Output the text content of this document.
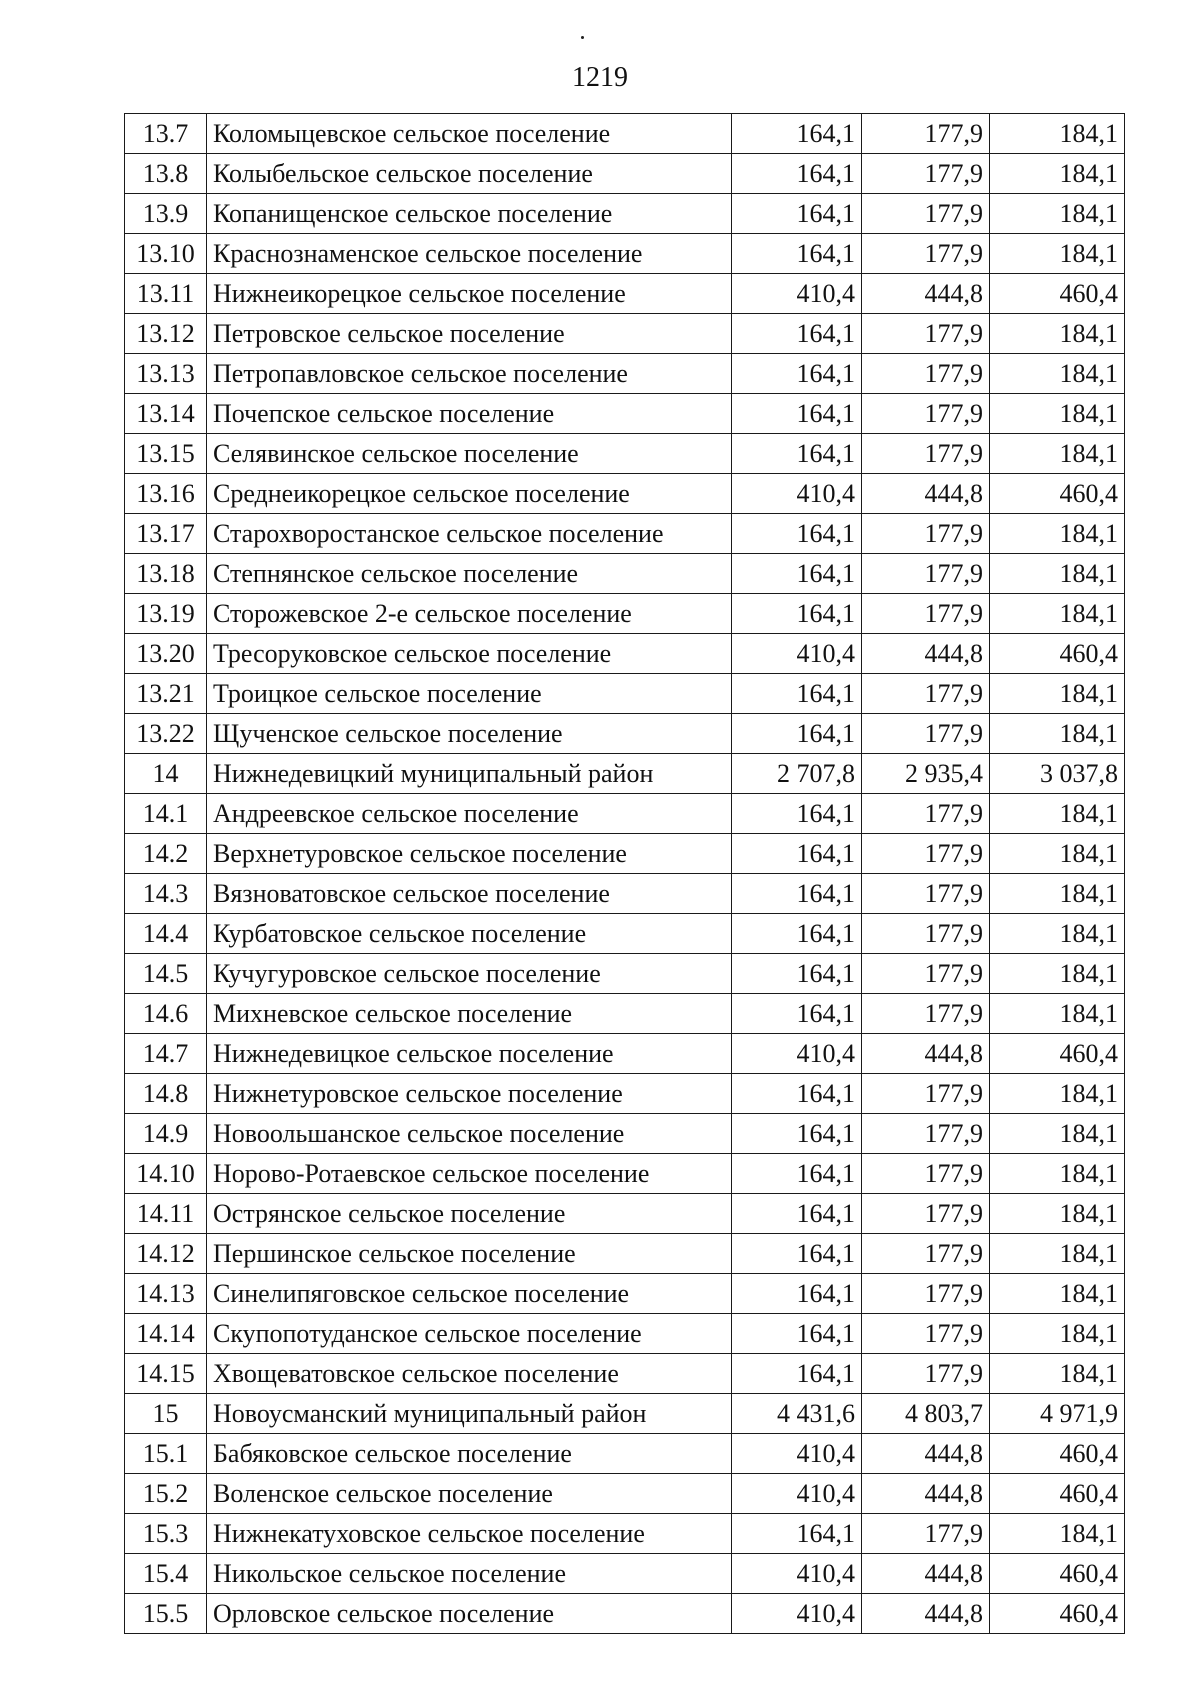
1219
13.7	Коломыцевское сельское поселение	164,1	177,9	184,1
13.8	Колыбельское сельское поселение	164,1	177,9	184,1
13.9	Копанищенское сельское поселение	164,1	177,9	184,1
13.10	Краснознаменское сельское поселение	164,1	177,9	184,1
13.11	Нижнеикорецкое сельское поселение	410,4	444,8	460,4
13.12	Петровское сельское поселение	164,1	177,9	184,1
13.13	Петропавловское сельское поселение	164,1	177,9	184,1
13.14	Почепское сельское поселение	164,1	177,9	184,1
13.15	Селявинское сельское поселение	164,1	177,9	184,1
13.16	Среднеикорецкое сельское поселение	410,4	444,8	460,4
13.17	Старохворостанское сельское поселение	164,1	177,9	184,1
13.18	Степнянское сельское поселение	164,1	177,9	184,1
13.19	Сторожевское 2-е сельское поселение	164,1	177,9	184,1
13.20	Тресоруковское сельское поселение	410,4	444,8	460,4
13.21	Троицкое сельское поселение	164,1	177,9	184,1
13.22	Щученское сельское поселение	164,1	177,9	184,1
14	Нижнедевицкий муниципальный район	2 707,8	2 935,4	3 037,8
14.1	Андреевское сельское поселение	164,1	177,9	184,1
14.2	Верхнетуровское сельское поселение	164,1	177,9	184,1
14.3	Вязноватовское сельское поселение	164,1	177,9	184,1
14.4	Курбатовское сельское поселение	164,1	177,9	184,1
14.5	Кучугуровское сельское поселение	164,1	177,9	184,1
14.6	Михневское сельское поселение	164,1	177,9	184,1
14.7	Нижнедевицкое сельское поселение	410,4	444,8	460,4
14.8	Нижнетуровское сельское поселение	164,1	177,9	184,1
14.9	Новоольшанское сельское поселение	164,1	177,9	184,1
14.10	Норово-Ротаевское сельское поселение	164,1	177,9	184,1
14.11	Острянское сельское поселение	164,1	177,9	184,1
14.12	Першинское сельское поселение	164,1	177,9	184,1
14.13	Синелипяговское сельское поселение	164,1	177,9	184,1
14.14	Скупопотуданское сельское поселение	164,1	177,9	184,1
14.15	Хвощеватовское сельское поселение	164,1	177,9	184,1
15	Новоусманский муниципальный район	4 431,6	4 803,7	4 971,9
15.1	Бабяковское сельское поселение	410,4	444,8	460,4
15.2	Воленское сельское поселение	410,4	444,8	460,4
15.3	Нижнекатуховское сельское поселение	164,1	177,9	184,1
15.4	Никольское сельское поселение	410,4	444,8	460,4
15.5	Орловское сельское поселение	410,4	444,8	460,4
